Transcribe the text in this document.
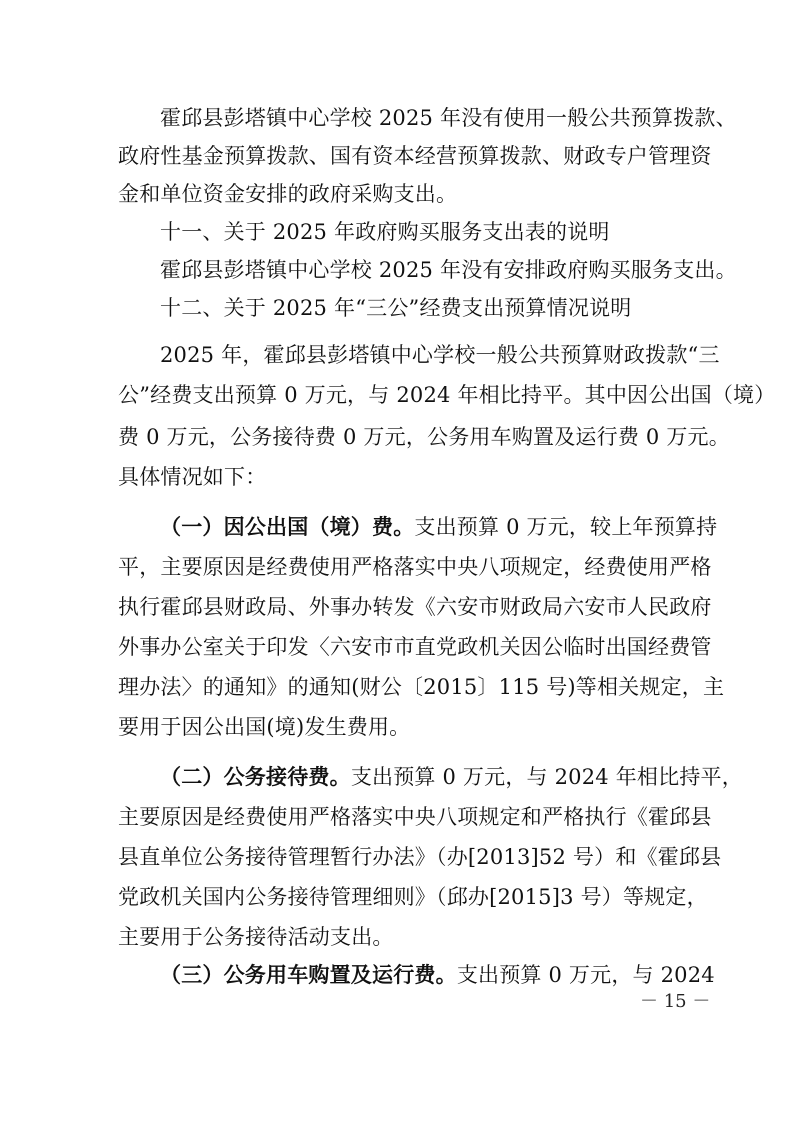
霍邱县彭塔镇中心学校 2025 年没有使用一般公共预算拨款、
政府性基金预算拨款、国有资本经营预算拨款、财政专户管理资
金和单位资金安排的政府采购支出。
十一、关于 2025 年政府购买服务支出表的说明
霍邱县彭塔镇中心学校 2025 年没有安排政府购买服务支出。
十二、关于 2025 年“三公”经费支出预算情况说明
2025 年，霍邱县彭塔镇中心学校一般公共预算财政拨款“三
公”经费支出预算 0 万元，与 2024 年相比持平。其中因公出国（境）
费 0 万元，公务接待费 0 万元，公务用车购置及运行费 0 万元。
具体情况如下：
（一）因公出国（境）费。支出预算 0 万元，较上年预算持
平，主要原因是经费使用严格落实中央八项规定，经费使用严格
执行霍邱县财政局、外事办转发《六安市财政局六安市人民政府
外事办公室关于印发〈六安市市直党政机关因公临时出国经费管
理办法〉的通知》的通知(财公〔2015〕115 号)等相关规定，主
要用于因公出国(境)发生费用。
（二）公务接待费。支出预算 0 万元，与 2024 年相比持平，
主要原因是经费使用严格落实中央八项规定和严格执行《霍邱县
县直单位公务接待管理暂行办法》（办[2013]52 号）和《霍邱县
党政机关国内公务接待管理细则》（邱办[2015]3 号）等规定，
主要用于公务接待活动支出。
（三）公务用车购置及运行费。支出预算 0 万元，与 2024
－ 15 －
